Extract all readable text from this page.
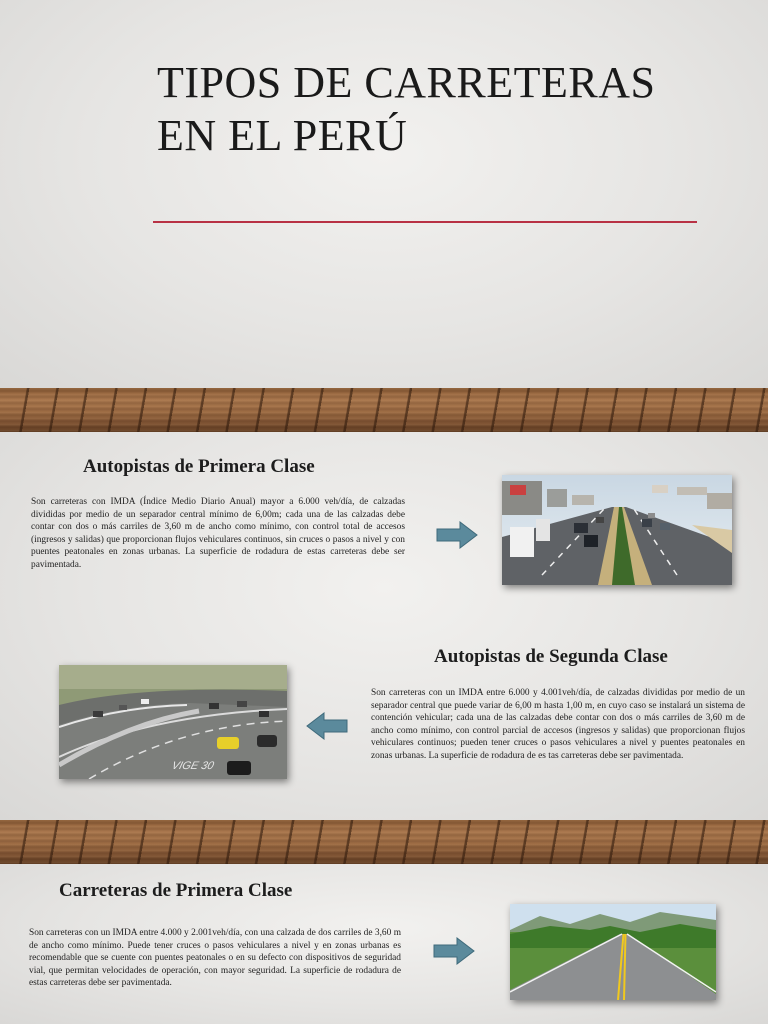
TIPOS DE CARRETERAS EN EL PERÚ
Autopistas de Primera Clase
Son carreteras con IMDA (Índice Medio Diario Anual) mayor a 6.000 veh/día, de calzadas divididas por medio de un separador central mínimo de 6,00m; cada una de las calzadas debe contar con dos o más carriles de 3,60 m de ancho como mínimo, con control total de accesos (ingresos y salidas) que proporcionan flujos vehiculares continuos, sin cruces o pasos a nivel y con puentes peatonales en zonas urbanas. La superficie de rodadura de estas carreteras debe ser pavimentada.
Autopistas de Segunda Clase
Son carreteras con un IMDA entre 6.000 y 4.001veh/día, de calzadas divididas por medio de un separador central que puede variar de 6,00 m hasta 1,00 m, en cuyo caso se instalará un sistema de contención vehicular; cada una de las calzadas debe contar con dos o más carriles de 3,60 m de ancho como mínimo, con control parcial de accesos (ingresos y salidas) que proporcionan flujos vehiculares continuos; pueden tener cruces o pasos vehiculares a nivel y puentes peatonales en zonas urbanas. La superficie de rodadura de es tas carreteras debe ser pavimentada.
VIGE 30
Carreteras de Primera Clase
Son carreteras con un IMDA entre 4.000 y 2.001veh/día, con una calzada de dos carriles de 3,60 m de ancho como mínimo. Puede tener cruces o pasos vehiculares a nivel y en zonas urbanas es recomendable que se cuente con puentes peatonales o en su defecto con dispositivos de seguridad vial, que permitan velocidades de operación, con mayor seguridad. La superficie de rodadura de estas carreteras debe ser pavimentada.
